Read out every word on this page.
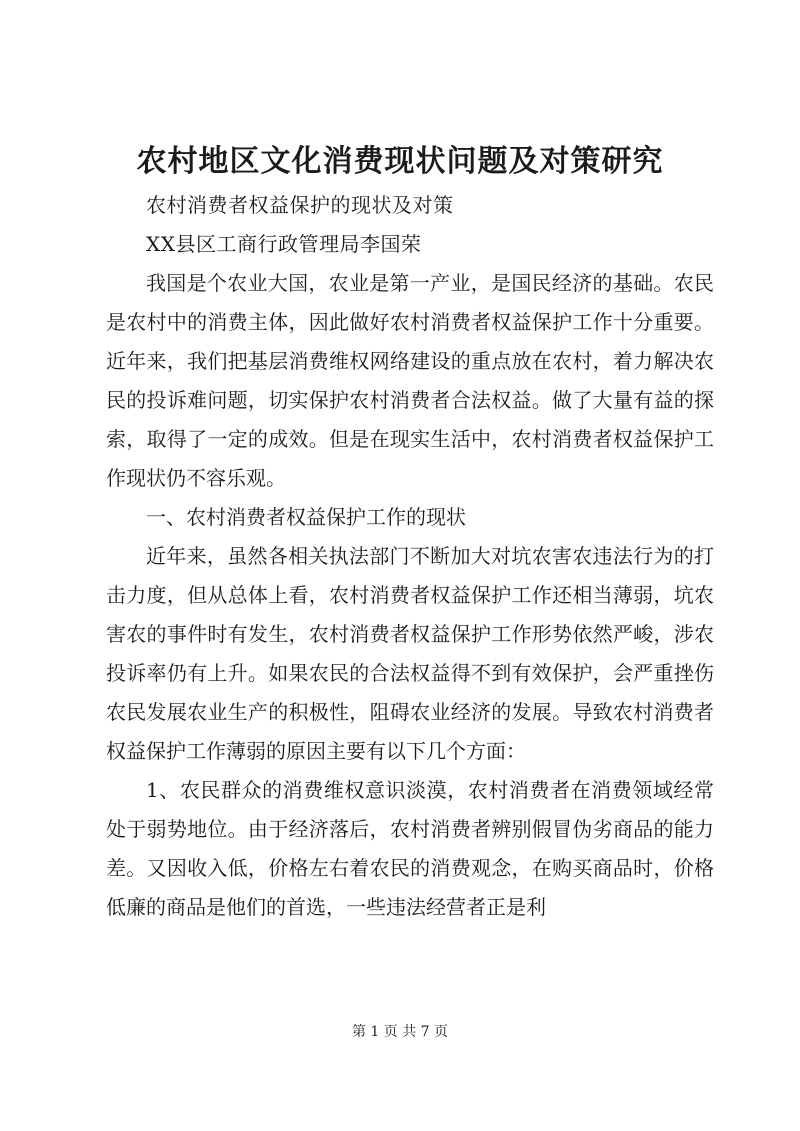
农村地区文化消费现状问题及对策研究

农村消费者权益保护的现状及对策

XX县区工商行政管理局李国荣

我国是个农业大国，农业是第一产业，是国民经济的基础。农民是农村中的消费主体，因此做好农村消费者权益保护工作十分重要。近年来，我们把基层消费维权网络建设的重点放在农村，着力解决农民的投诉难问题，切实保护农村消费者合法权益。做了大量有益的探索，取得了一定的成效。但是在现实生活中，农村消费者权益保护工作现状仍不容乐观。

一、农村消费者权益保护工作的现状

近年来，虽然各相关执法部门不断加大对坑农害农违法行为的打击力度，但从总体上看，农村消费者权益保护工作还相当薄弱，坑农害农的事件时有发生，农村消费者权益保护工作形势依然严峻，涉农投诉率仍有上升。如果农民的合法权益得不到有效保护，会严重挫伤农民发展农业生产的积极性，阻碍农业经济的发展。导致农村消费者权益保护工作薄弱的原因主要有以下几个方面：

1、农民群众的消费维权意识淡漠，农村消费者在消费领域经常处于弱势地位。由于经济落后，农村消费者辨别假冒伪劣商品的能力差。又因收入低，价格左右着农民的消费观念，在购买商品时，价格低廉的商品是他们的首选，一些违法经营者正是利

第 1 页 共 7 页
